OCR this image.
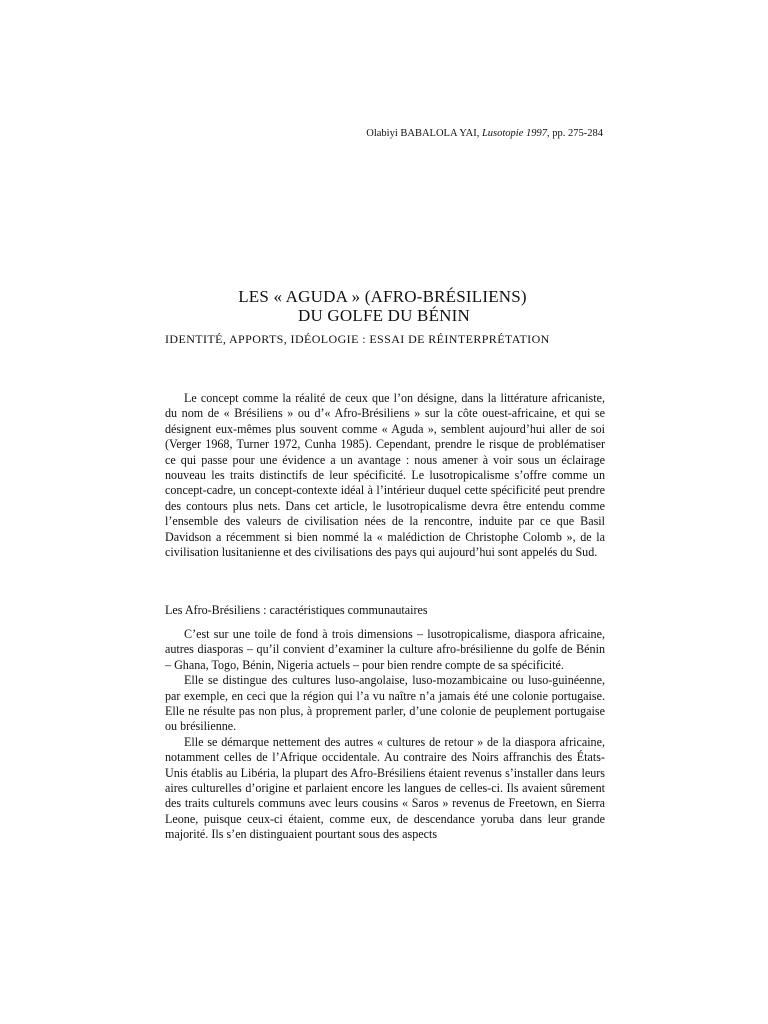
Olabiyi BABALOLA YAI, Lusotopie 1997, pp. 275-284
LES « AGUDA » (AFRO-BRÉSILIENS)
DU GOLFE DU BÉNIN
IDENTITÉ, APPORTS, IDÉOLOGIE : ESSAI DE RÉINTERPRÉTATION

Le concept comme la réalité de ceux que l’on désigne, dans la littérature africaniste, du nom de « Brésiliens » ou d’« Afro-Brésiliens » sur la côte ouest-africaine, et qui se désignent eux-mêmes plus souvent comme « Aguda », semblent aujourd’hui aller de soi (Verger 1968, Turner 1972, Cunha 1985). Cependant, prendre le risque de problématiser ce qui passe pour une évidence a un avantage : nous amener à voir sous un éclairage nouveau les traits distinctifs de leur spécificité. Le lusotropicalisme s’offre comme un concept-cadre, un concept-contexte idéal à l’intérieur duquel cette spécificité peut prendre des contours plus nets. Dans cet article, le lusotropicalisme devra être entendu comme l’ensemble des valeurs de civilisation nées de la rencontre, induite par ce que Basil Davidson a récemment si bien nommé la « malédiction de Christophe Colomb », de la civilisation lusitanienne et des civilisations des pays qui aujourd’hui sont appelés du Sud.

Les Afro-Brésiliens : caractéristiques communautaires

C’est sur une toile de fond à trois dimensions – lusotropicalisme, diaspora africaine, autres diasporas – qu’il convient d’examiner la culture afro-brésilienne du golfe de Bénin – Ghana, Togo, Bénin, Nigeria actuels – pour bien rendre compte de sa spécificité.

Elle se distingue des cultures luso-angolaise, luso-mozambicaine ou luso-guinéenne, par exemple, en ceci que la région qui l’a vu naître n’a jamais été une colonie portugaise. Elle ne résulte pas non plus, à proprement parler, d’une colonie de peuplement portugaise ou brésilienne.

Elle se démarque nettement des autres « cultures de retour » de la diaspora africaine, notamment celles de l’Afrique occidentale. Au contraire des Noirs affranchis des États-Unis établis au Libéria, la plupart des Afro-Brésiliens étaient revenus s’installer dans leurs aires culturelles d’origine et parlaient encore les langues de celles-ci. Ils avaient sûrement des traits culturels communs avec leurs cousins « Saros » revenus de Freetown, en Sierra Leone, puisque ceux-ci étaient, comme eux, de descendance yoruba dans leur grande majorité. Ils s’en distinguaient pourtant sous des aspects
